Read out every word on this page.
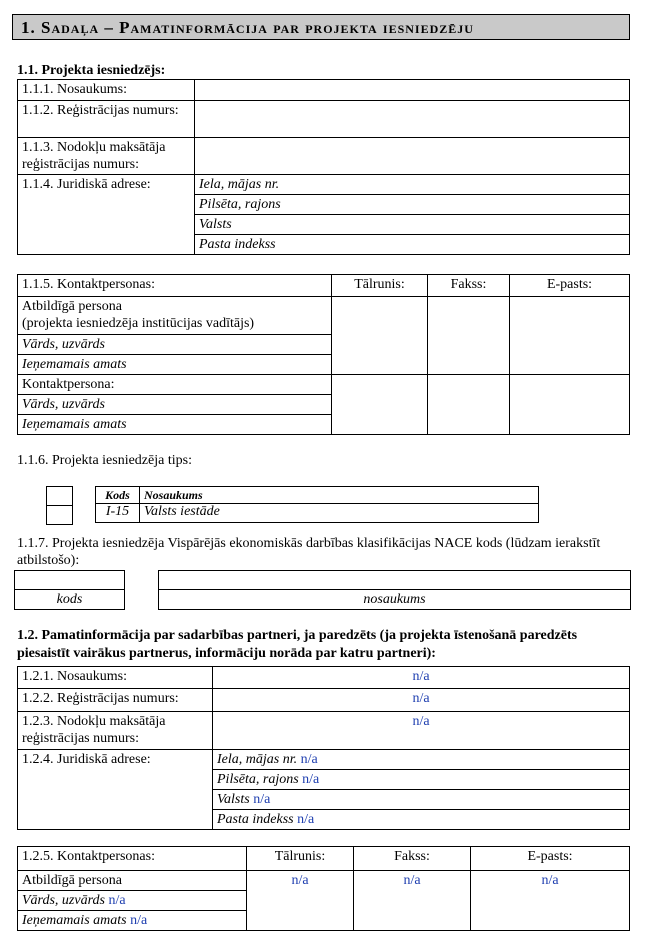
1. Sadaļa – Pamatinformācija par projekta iesniedzēju
1.1. Projekta iesniedzējs:
1.1.1. Nosaukums:	
1.1.2. Reģistrācijas numurs:	
1.1.3. Nodokļu maksātāja reģistrācijas numurs:	
1.1.4. Juridiskā adrese:	Iela, mājas nr.
	Pilsēta, rajons
	Valsts
	Pasta indekss
1.1.5. Kontaktpersonas:	Tālrunis:	Fakss:	E-pasts:
Atbildīgā persona
(projekta iesniedzēja institūcijas vadītājs)			
Vārds, uzvārds			
Ieņemamais amats			
Kontaktpersona:			
Vārds, uzvārds			
Ieņemamais amats			
1.1.6. Projekta iesniedzēja tips:

Kods	Nosaukums
I-15	Valsts iestāde
1.1.7. Projekta iesniedzēja Vispārējās ekonomiskās darbības klasifikācijas NACE kods (lūdzam ierakstīt atbilstošo):

kods	nosaukums
1.2. Pamatinformācija par sadarbības partneri, ja paredzēts (ja projekta īstenošanā paredzēts piesaistīt vairākus partnerus, informāciju norāda par katru partneri):
1.2.1. Nosaukums:	n/a
1.2.2. Reģistrācijas numurs:	n/a
1.2.3. Nodokļu maksātāja reģistrācijas numurs:	n/a
1.2.4. Juridiskā adrese:	Iela, mājas nr. n/a
	Pilsēta, rajons n/a
	Valsts n/a
	Pasta indekss n/a
1.2.5. Kontaktpersonas:	Tālrunis:	Fakss:	E-pasts:
Atbildīgā persona	n/a	n/a	n/a
Vārds, uzvārds n/a			
Ieņemamais amats n/a			
